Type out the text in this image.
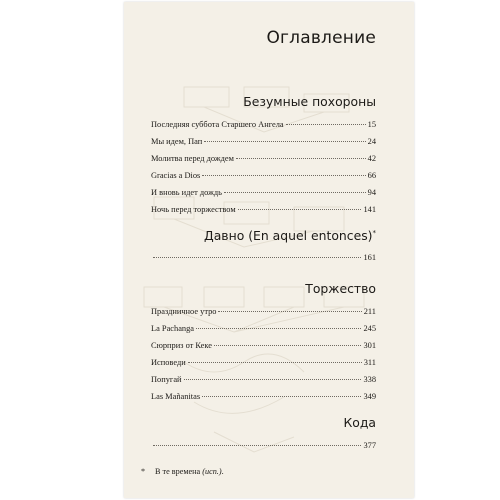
Оглавление
Безумные похороны
Последняя суббота Старшего Ангела	15
Мы идем, Пап	24
Молитва перед дождем	42
Gracias a Dios	66
И вновь идет дождь	94
Ночь перед торжеством	141
Давно (En aquel entonces)*
161
Торжество
Праздничное утро	211
La Pachanga	245
Сюрприз от Кеке	301
Исповеди	311
Попугай	338
Las Mañanitas	349
Кода
377
* В те времена (исп.).
